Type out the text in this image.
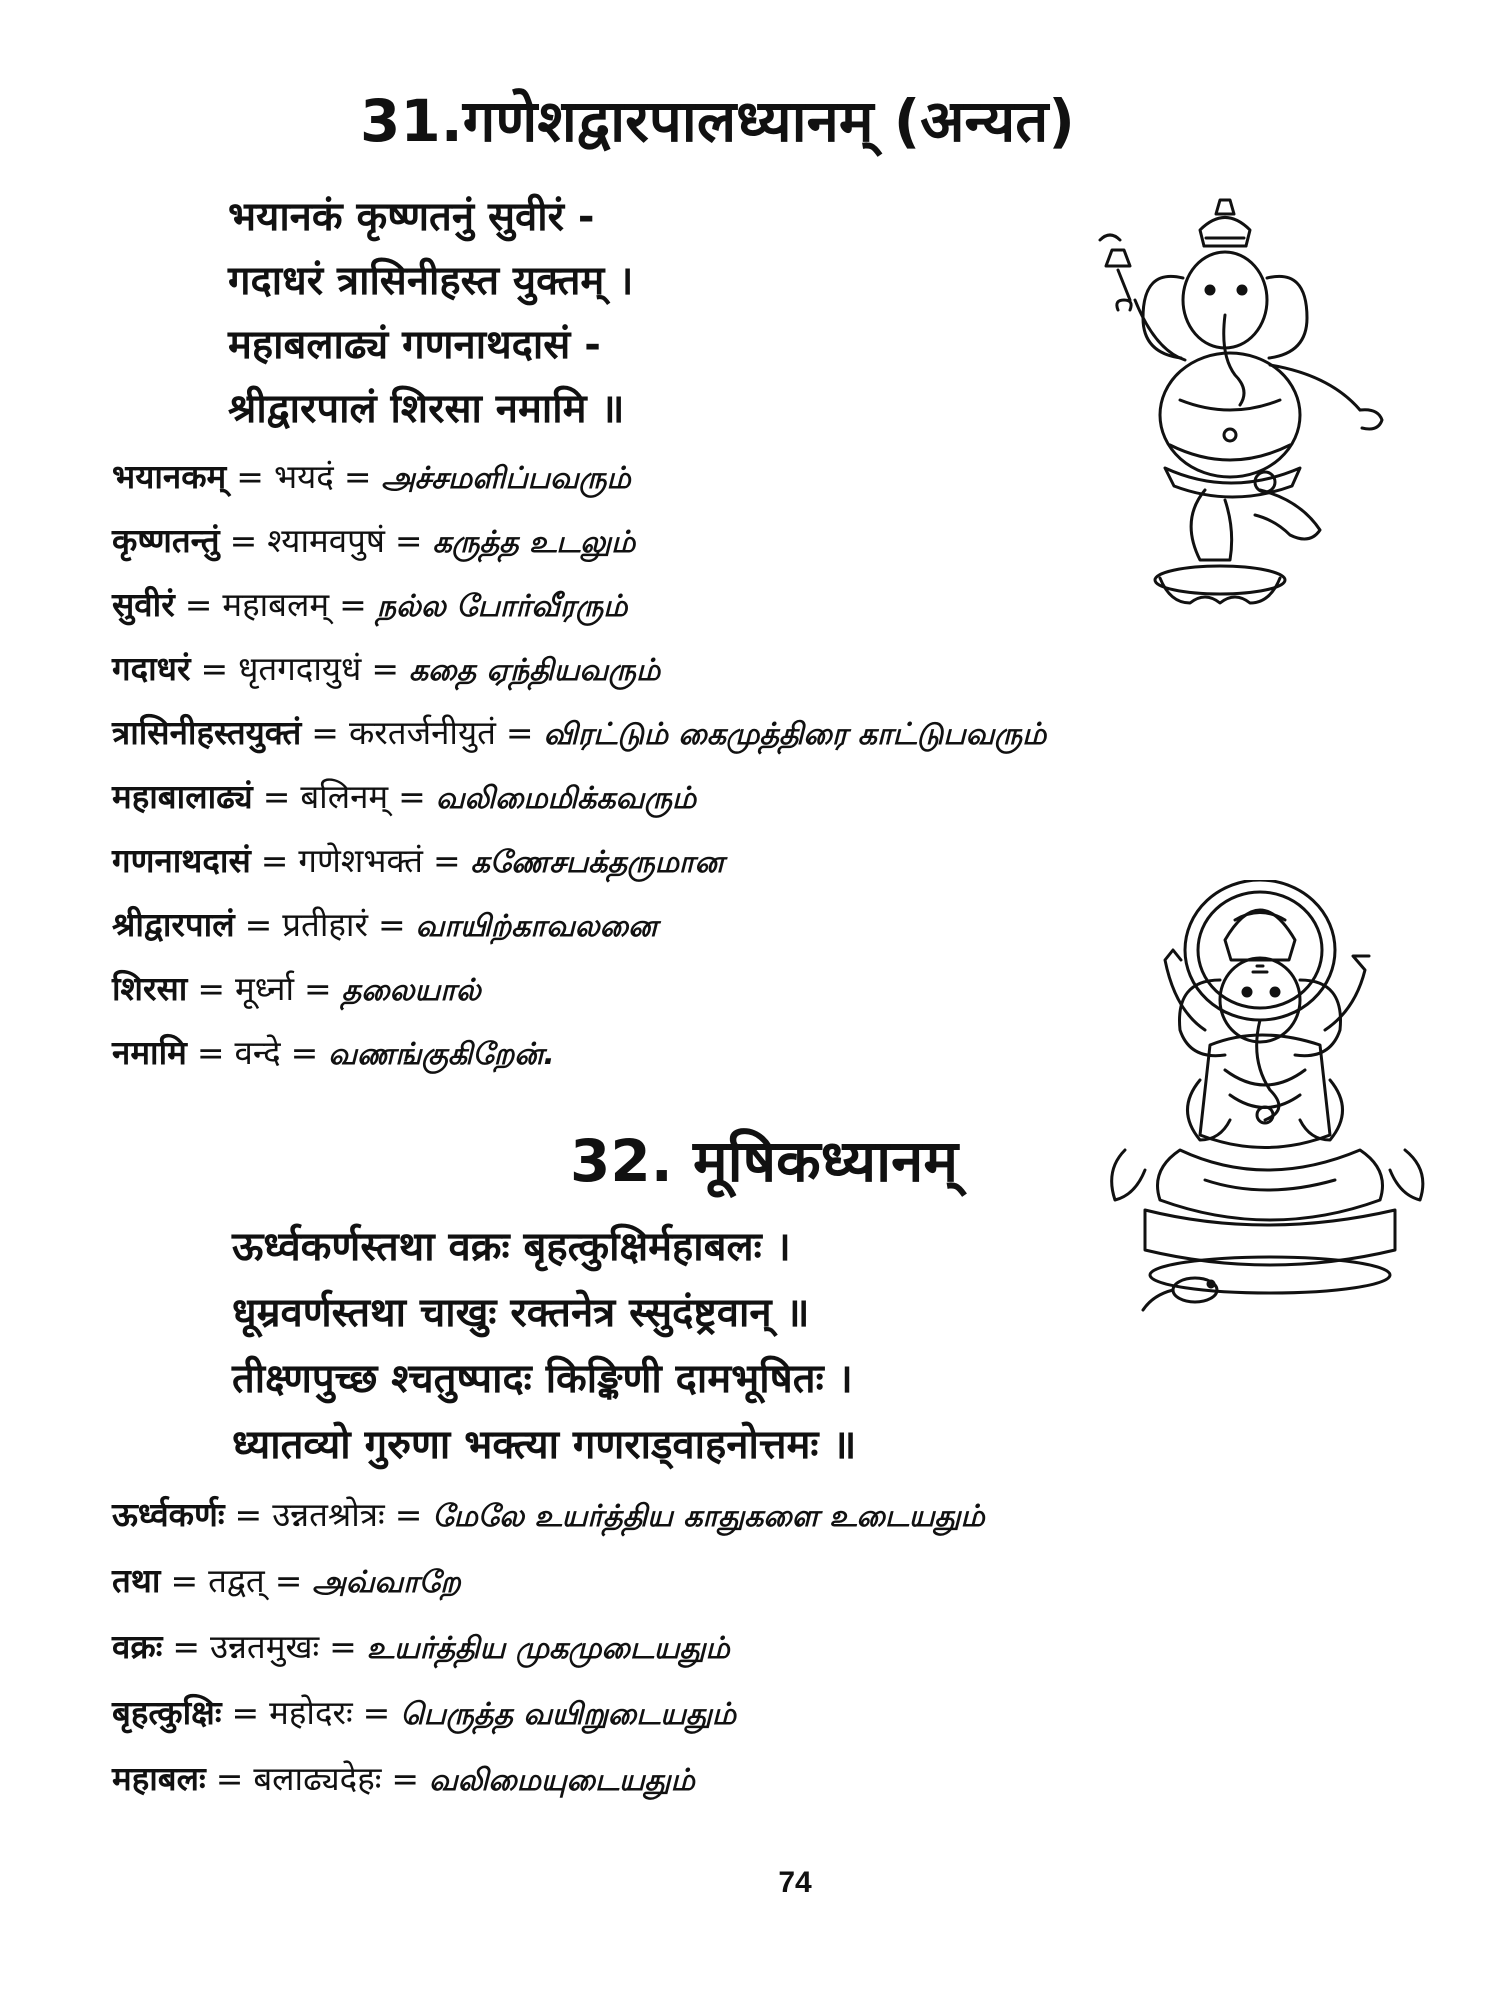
31.गणेशद्वारपालध्यानम् (अन्यत)
भयानकं कृष्णतनुं सुवीरं -
गदाधरं त्रासिनीहस्त युक्तम् ।
महाबलाढ्यं गणनाथदासं -
श्रीद्वारपालं शिरसा नमामि ॥
भयानकम् = भयदं = அச்சமளிப்பவரும்
कृष्णतन्तुं = श्यामवपुषं = கருத்த உடலும்
सुवीरं = महाबलम् = நல்ல போர்வீரரும்
गदाधरं = धृतगदायुधं = கதை ஏந்தியவரும்
त्रासिनीहस्तयुक्तं = करतर्जनीयुतं = விரட்டும் கைமுத்திரை காட்டுபவரும்
महाबालाढ्यं = बलिनम् = வலிமைமிக்கவரும்
गणनाथदासं = गणेशभक्तं = கணேசபக்தருமான
श्रीद्वारपालं = प्रतीहारं = வாயிற்காவலனை
शिरसा = मूर्ध्ना = தலையால்
नमामि = वन्दे = வணங்குகிறேன்.
32. मूषिकध्यानम्
ऊर्ध्वकर्णस्तथा वक्रः बृहत्कुक्षिर्महाबलः ।
धूम्रवर्णस्तथा चाखुः रक्तनेत्र स्सुदंष्ट्रवान् ॥
तीक्ष्णपुच्छ श्चतुष्पादः किङ्किणी दामभूषितः ।
ध्यातव्यो गुरुणा भक्त्या गणराड्वाहनोत्तमः ॥
ऊर्ध्वकर्णः = उन्नतश्रोत्रः = மேலே உயர்த்திய காதுகளை உடையதும்
तथा = तद्वत् = அவ்வாறே
वक्रः = उन्नतमुखः = உயர்த்திய முகமுடையதும்
बृहत्कुक्षिः = महोदरः = பெருத்த வயிறுடையதும்
महाबलः = बलाढ्यदेहः = வலிமையுடையதும்
74
